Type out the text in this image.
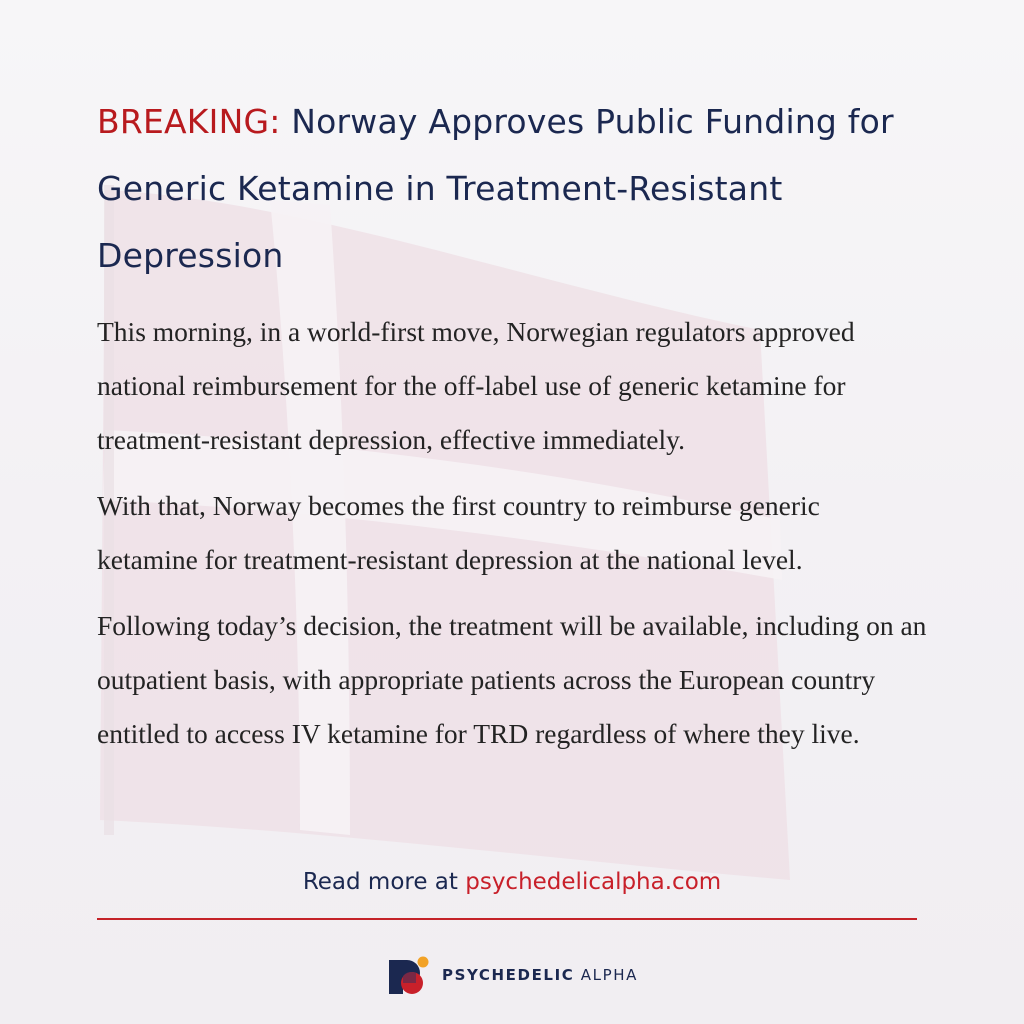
BREAKING: Norway Approves Public Funding for Generic Ketamine in Treatment-Resistant Depression

This morning, in a world-first move, Norwegian regulators approved national reimbursement for the off-label use of generic ketamine for treatment-resistant depression, effective immediately.

With that, Norway becomes the first country to reimburse generic ketamine for treatment-resistant depression at the national level.

Following today’s decision, the treatment will be available, including on an outpatient basis, with appropriate patients across the European country entitled to access IV ketamine for TRD regardless of where they live.

Read more at psychedelicalpha.com
PSYCHEDELIC ALPHA
